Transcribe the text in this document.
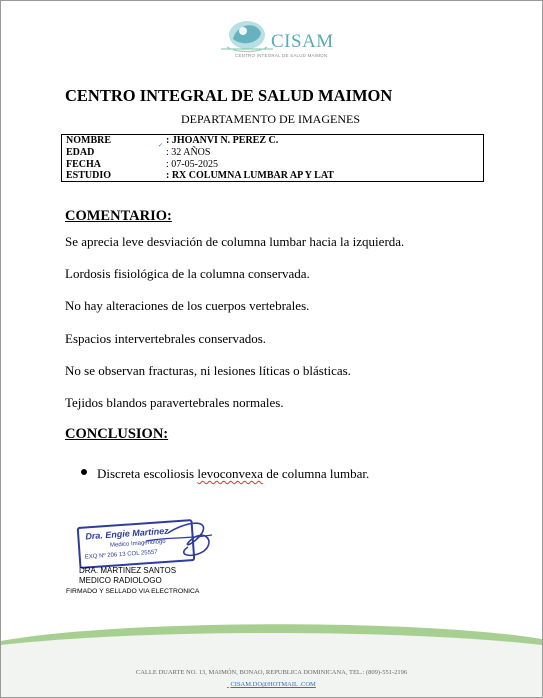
CISAM
CENTRO INTEGRAL DE SALUD MAIMON
CENTRO INTEGRAL DE SALUD MAIMON
DEPARTAMENTO DE IMAGENES
NOMBRE	✓ : JHOANVI N. PEREZ C.
EDAD	: 32 AÑOS
FECHA	: 07-05-2025
ESTUDIO	: RX COLUMNA LUMBAR AP Y LAT
COMENTARIO:
Se aprecia leve desviación de columna lumbar hacia la izquierda.
Lordosis fisiológica de la columna conservada.
No hay alteraciones de los cuerpos vertebrales.
Espacios intervertebrales conservados.
No se observan fracturas, ni lesiones líticas o blásticas.
Tejidos blandos paravertebrales normales.
CONCLUSION:
Discreta escoliosis levoconvexa de columna lumbar.
Dra. Engie Martinez
Medico Imagenologo
EXQ Nº 206 13 COL 25557
DRA. MARTINEZ SANTOS
MEDICO RADIOLOGO
FIRMADO Y SELLADO VIA ELECTRONICA
CALLE DUARTE NO. 13, MAIMÓN, BONAO, REPUBLICA DOMINICANA, TEL.: (809)-551-2196
CISAM.DO@HOTMAIL .COM
